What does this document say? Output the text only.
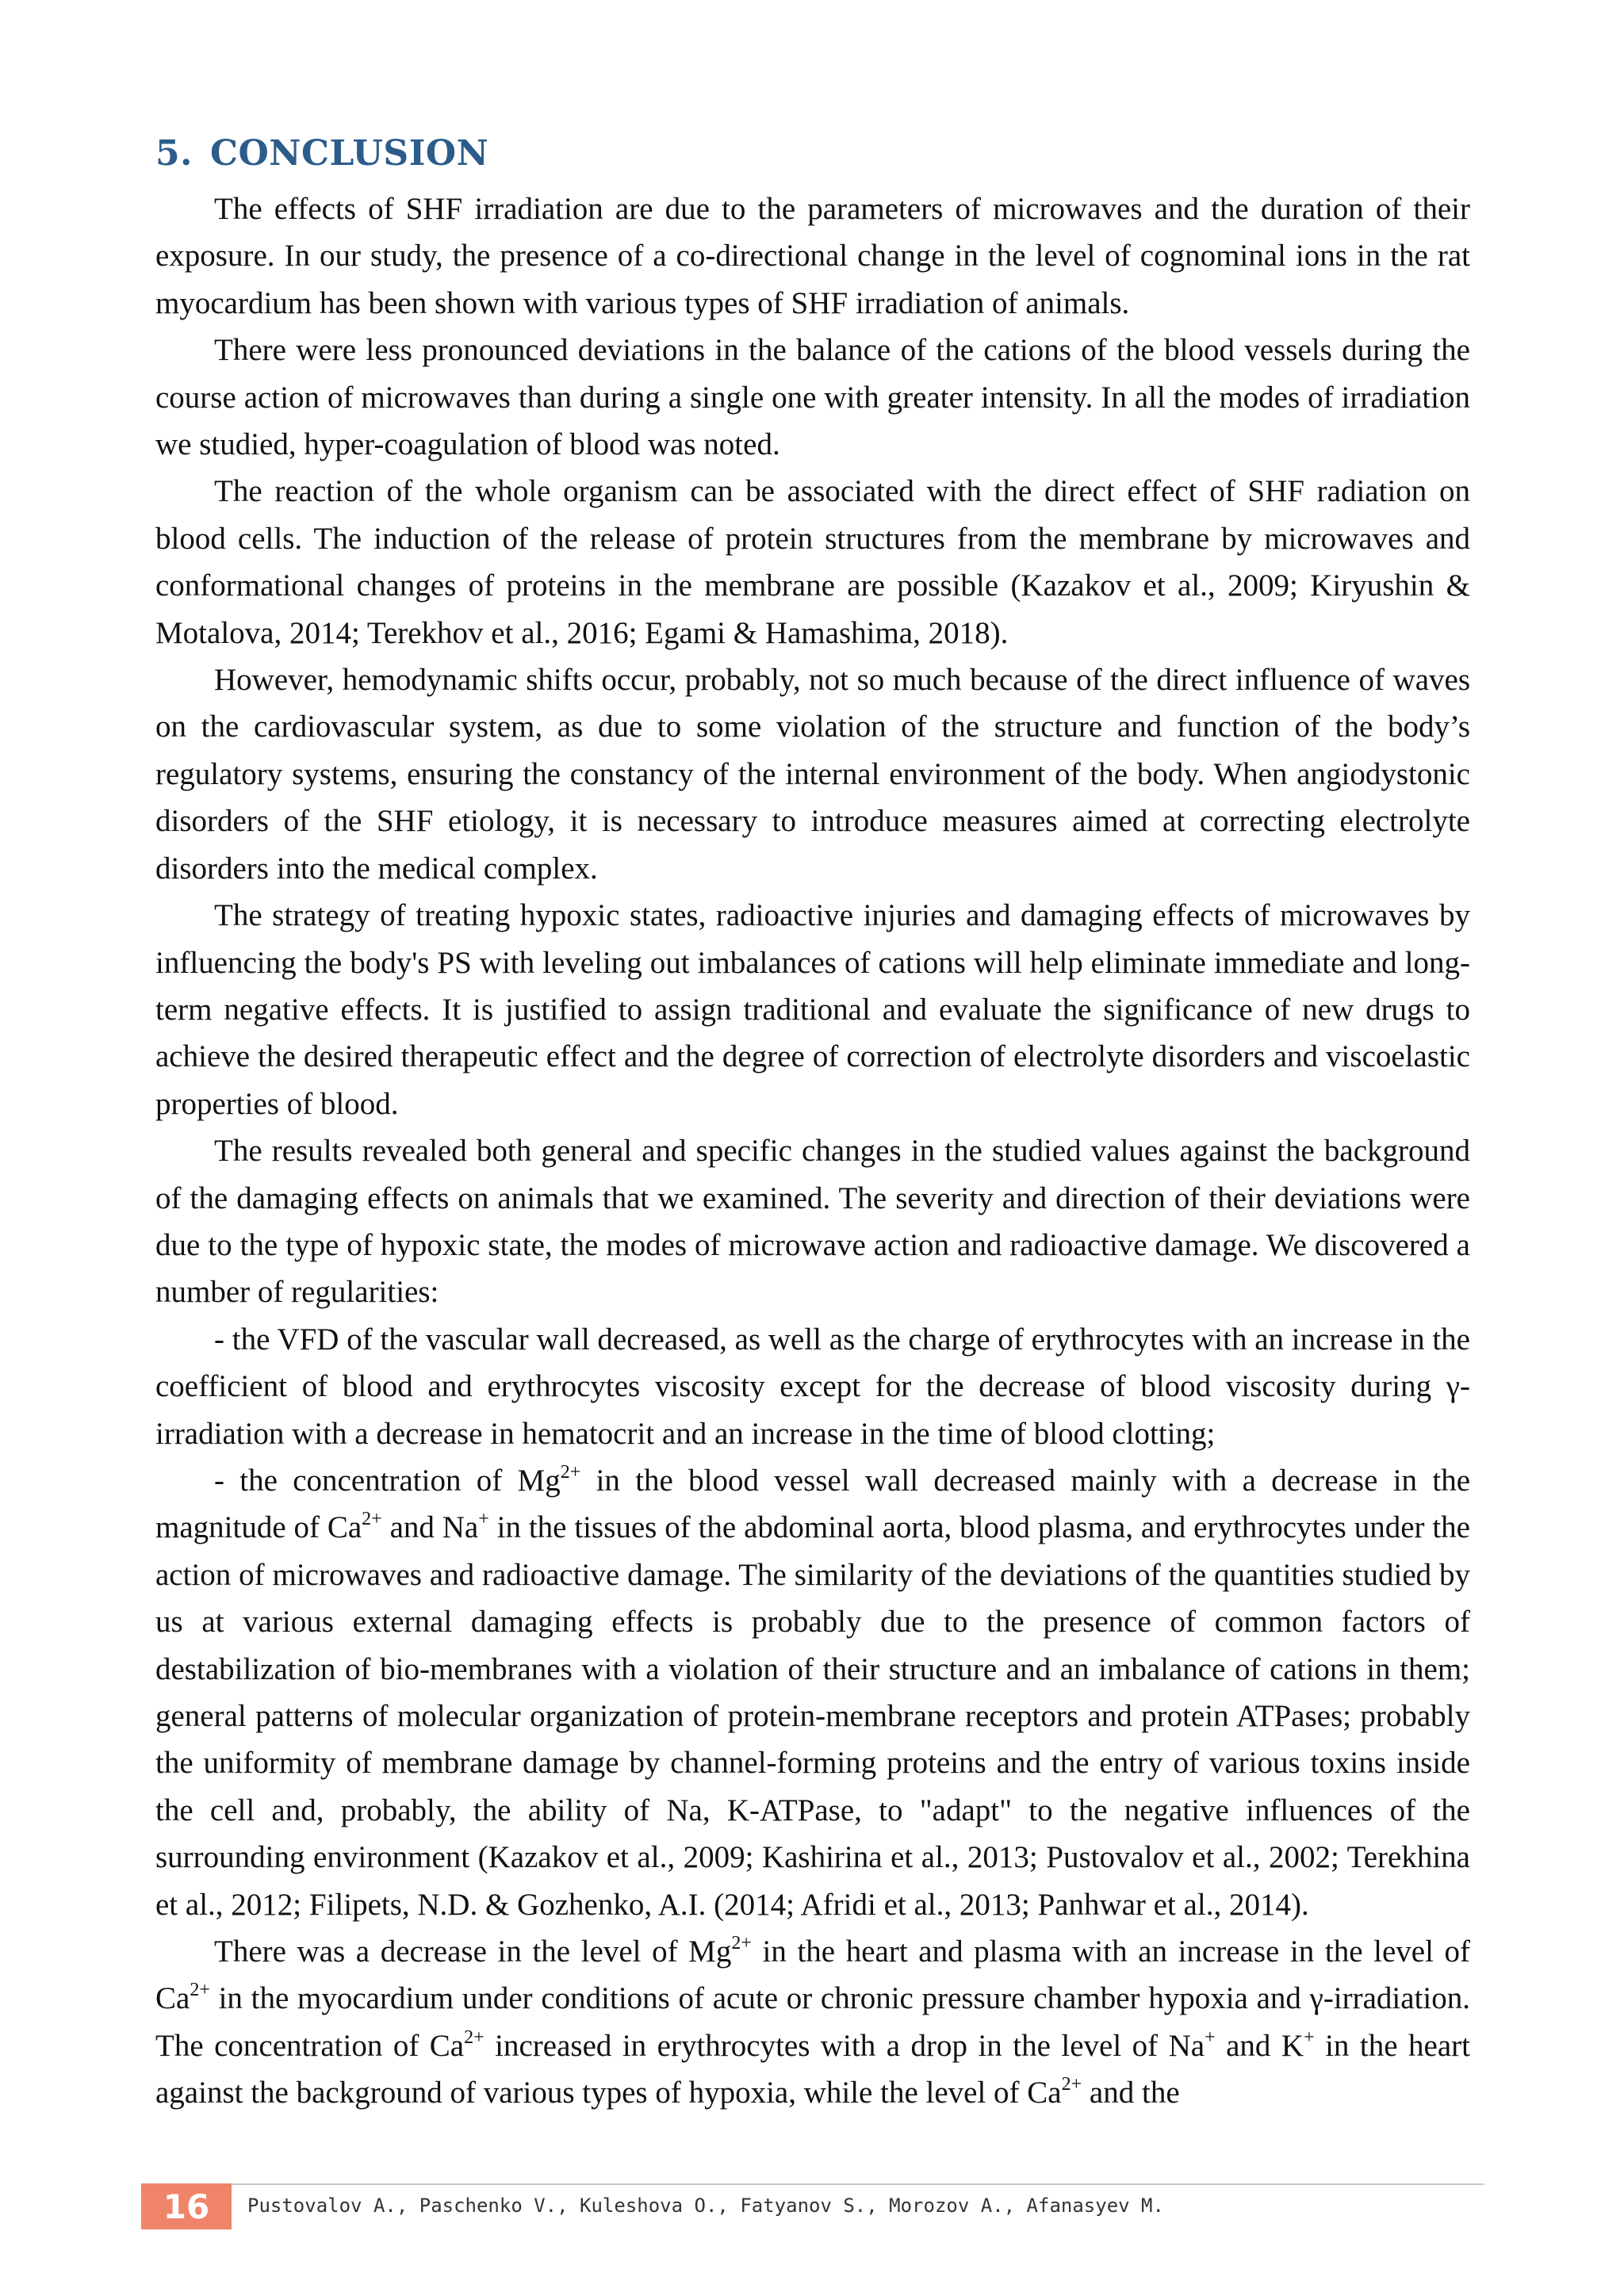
5. CONCLUSION

The effects of SHF irradiation are due to the parameters of microwaves and the duration of their exposure. In our study, the presence of a co-directional change in the level of cognominal ions in the rat myocardium has been shown with various types of SHF irradiation of animals.

There were less pronounced deviations in the balance of the cations of the blood vessels during the course action of microwaves than during a single one with greater intensity. In all the modes of irradiation we studied, hyper-coagulation of blood was noted.

The reaction of the whole organism can be associated with the direct effect of SHF radiation on blood cells. The induction of the release of protein structures from the membrane by microwaves and conformational changes of proteins in the membrane are possible (Kazakov et al., 2009; Kiryushin & Motalova, 2014; Terekhov et al., 2016; Egami & Hamashima, 2018).

However, hemodynamic shifts occur, probably, not so much because of the direct influence of waves on the cardiovascular system, as due to some violation of the structure and function of the body’s regulatory systems, ensuring the constancy of the internal environment of the body. When angiodystonic disorders of the SHF etiology, it is necessary to introduce measures aimed at correcting electrolyte disorders into the medical complex.

The strategy of treating hypoxic states, radioactive injuries and damaging effects of microwaves by influencing the body's PS with leveling out imbalances of cations will help eliminate immediate and long-term negative effects. It is justified to assign traditional and evaluate the significance of new drugs to achieve the desired therapeutic effect and the degree of correction of electrolyte disorders and viscoelastic properties of blood.

The results revealed both general and specific changes in the studied values against the background of the damaging effects on animals that we examined. The severity and direction of their deviations were due to the type of hypoxic state, the modes of microwave action and radioactive damage. We discovered a number of regularities:

- the VFD of the vascular wall decreased, as well as the charge of erythrocytes with an increase in the coefficient of blood and erythrocytes viscosity except for the decrease of blood viscosity during γ-irradiation with a decrease in hematocrit and an increase in the time of blood clotting;

- the concentration of $Mg^{2+}$ in the blood vessel wall decreased mainly with a decrease in the magnitude of $Ca^{2+}$ and Na+ in the tissues of the abdominal aorta, blood plasma, and erythrocytes under the action of microwaves and radioactive damage. The similarity of the deviations of the quantities studied by us at various external damaging effects is probably due to the presence of common factors of destabilization of bio-membranes with a violation of their structure and an imbalance of cations in them; general patterns of molecular organization of protein-membrane receptors and protein ATPases; probably the uniformity of membrane damage by channel-forming proteins and the entry of various toxins inside the cell and, probably, the ability of Na, K-ATPase, to "adapt" to the negative influences of the surrounding environment (Kazakov et al., 2009; Kashirina et al., 2013; Pustovalov et al., 2002; Terekhina et al., 2012; Filipets, N.D. & Gozhenko, A.I. (2014; Afridi et al., 2013; Panhwar et al., 2014).

There was a decrease in the level of $Mg^{2+}$ in the heart and plasma with an increase in the level of $Ca^{2+}$ in the myocardium under conditions of acute or chronic pressure chamber hypoxia and γ-irradiation. The concentration of $Ca^{2+}$ increased in erythrocytes with a drop in the level of Na+ and K+ in the heart against the background of various types of hypoxia, while the level of $Ca^{2+}$ and the

16	Pustovalov A., Paschenko V., Kuleshova O., Fatyanov S., Morozov A., Afanasyev M.
